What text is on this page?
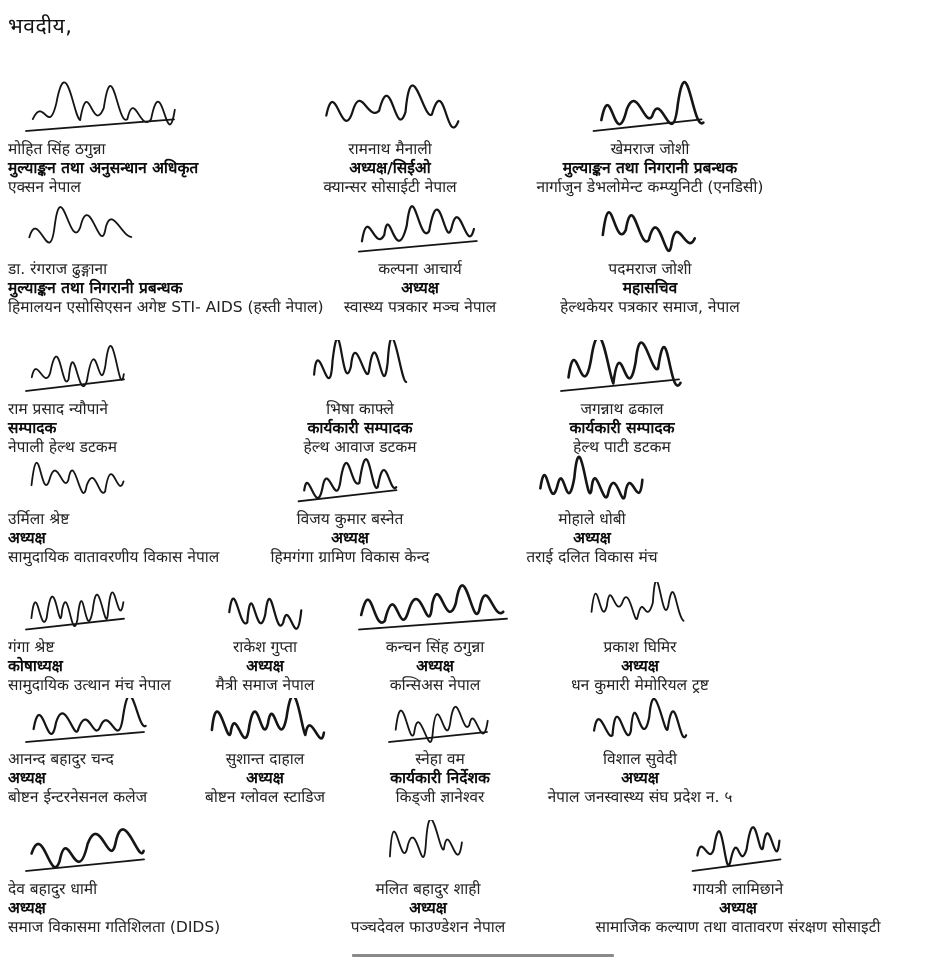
भवदीय,
मोहित सिंह ठगुन्ना
मुल्याङ्कन तथा अनुसन्धान अधिकृत
एक्सन नेपाल
रामनाथ मैनाली
अध्यक्ष/सिईओ
क्यान्सर सोसाईटी नेपाल
खेमराज जोशी
मुल्याङ्कन तथा निगरानी प्रबन्धक
नार्गाजुन डेभलोमेन्ट कम्प्युनिटी (एनडिसी)
डा. रंगराज ढुङ्गाना
मुल्याङ्कन तथा निगरानी प्रबन्धक
हिमालयन एसोसिएसन अगेष्ट STI- AIDS (हस्ती नेपाल)
कल्पना आचार्य
अध्यक्ष
स्वास्थ्य पत्रकार मञ्च नेपाल
पदमराज जोशी
महासचिव
हेल्थकेयर पत्रकार समाज, नेपाल
राम प्रसाद न्यौपाने
सम्पादक
नेपाली हेल्थ डटकम
भिषा काफ्ले
कार्यकारी सम्पादक
हेल्थ आवाज डटकम
जगन्नाथ ढकाल
कार्यकारी सम्पादक
हेल्थ पाटी डटकम
उर्मिला श्रेष्ट
अध्यक्ष
सामुदायिक वातावरणीय विकास नेपाल
विजय कुमार बस्नेत
अध्यक्ष
हिमगंगा ग्रामिण विकास केन्द
मोहाले धोबी
अध्यक्ष
तराई दलित विकास मंच
गंगा श्रेष्ट
कोषाध्यक्ष
सामुदायिक उत्थान मंच नेपाल
राकेश गुप्ता
अध्यक्ष
मैत्री समाज नेपाल
कन्चन सिंह ठगुन्ना
अध्यक्ष
कन्सिअस नेपाल
प्रकाश घिमिर
अध्यक्ष
धन कुमारी मेमोरियल ट्रष्ट
आनन्द बहादुर चन्द
अध्यक्ष
बोष्टन ईन्टरनेसनल कलेज
सुशान्त दाहाल
अध्यक्ष
बोष्टन ग्लोवल स्टाडिज
स्नेहा वम
कार्यकारी निर्देशक
किड्जी ज्ञानेश्वर
विशाल सुवेदी
अध्यक्ष
नेपाल जनस्वास्थ्य संघ प्रदेश न. ५
देव बहादुर धामी
अध्यक्ष
समाज विकासमा गतिशिलता (DIDS)
मलित बहादुर शाही
अध्यक्ष
पञ्चदेवल फाउण्डेशन नेपाल
गायत्री लामिछाने
अध्यक्ष
सामाजिक कल्याण तथा वातावरण संरक्षण सोसाइटी
